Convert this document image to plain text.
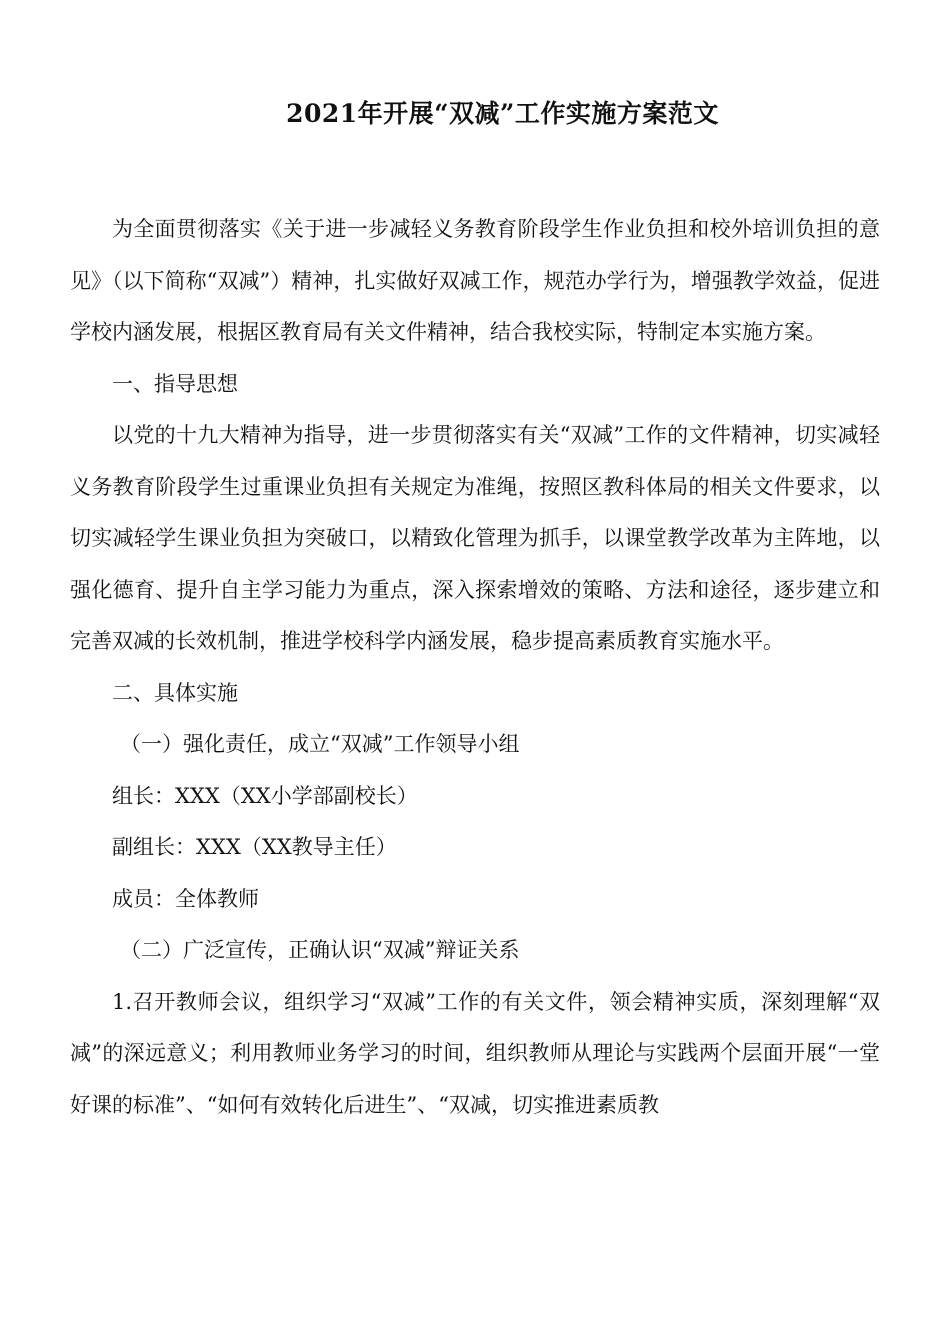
2021年开展“双减”工作实施方案范文

为全面贯彻落实《关于进一步减轻义务教育阶段学生作业负担和校外培训负担的意见》（以下简称“双减”）精神，扎实做好双减工作，规范办学行为，增强教学效益，促进学校内涵发展，根据区教育局有关文件精神，结合我校实际，特制定本实施方案。

一、指导思想

以党的十九大精神为指导，进一步贯彻落实有关“双减”工作的文件精神，切实减轻义务教育阶段学生过重课业负担有关规定为准绳，按照区教科体局的相关文件要求，以切实减轻学生课业负担为突破口，以精致化管理为抓手，以课堂教学改革为主阵地，以强化德育、提升自主学习能力为重点，深入探索增效的策略、方法和途径，逐步建立和完善双减的长效机制，推进学校科学内涵发展，稳步提高素质教育实施水平。

二、具体实施

（一）强化责任，成立“双减”工作领导小组

组长：XXX（XX小学部副校长）

副组长：XXX（XX教导主任）

成员：全体教师

（二）广泛宣传，正确认识“双减”辩证关系

1.召开教师会议，组织学习“双减”工作的有关文件，领会精神实质，深刻理解“双减”的深远意义；利用教师业务学习的时间，组织教师从理论与实践两个层面开展“一堂好课的标准”、“如何有效转化后进生”、“双减，切实推进素质教
